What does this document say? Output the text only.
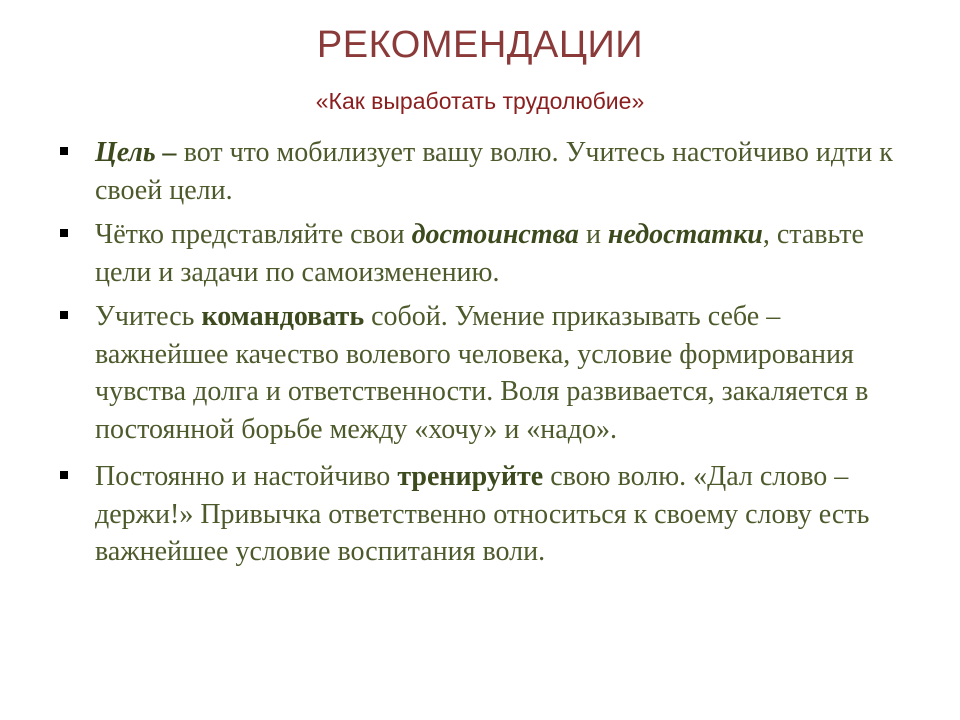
РЕКОМЕНДАЦИИ
«Как выработать трудолюбие»
Цель – вот что мобилизует вашу волю. Учитесь настойчиво идти к своей цели.
Чётко представляйте свои достоинства и недостатки, ставьте цели и задачи по самоизменению.
Учитесь командовать собой. Умение приказывать себе – важнейшее качество волевого человека, условие формирования чувства долга и ответственности. Воля развивается, закаляется в постоянной борьбе между «хочу» и «надо».
Постоянно и настойчиво тренируйте свою волю. «Дал слово – держи!» Привычка ответственно относиться к своему слову есть важнейшее условие воспитания воли.
